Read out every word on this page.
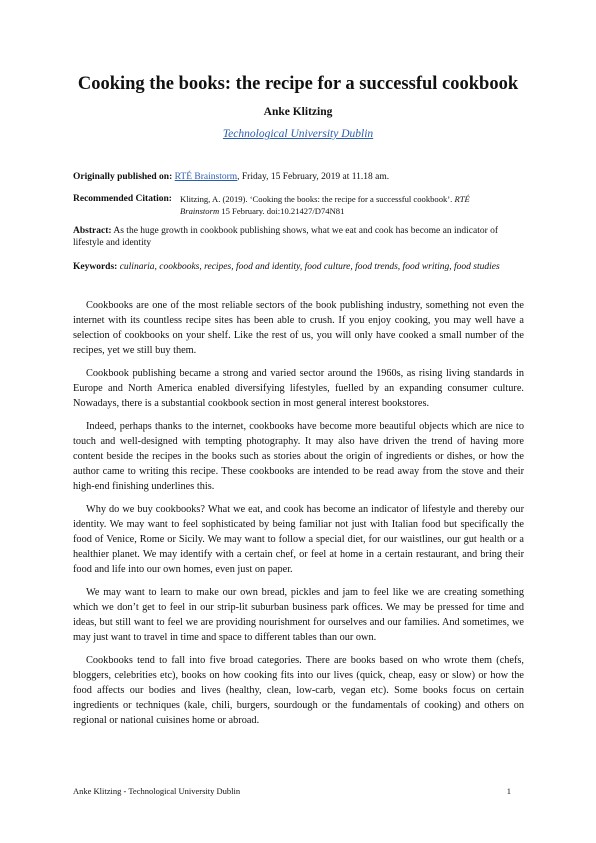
Cooking the books: the recipe for a successful cookbook
Anke Klitzing
Technological University Dublin
Originally published on: RTÉ Brainstorm, Friday, 15 February, 2019 at 11.18 am.
Recommended Citation: Klitzing, A. (2019). ‘Cooking the books: the recipe for a successful cookbook’. RTÉ Brainstorm 15 February. doi:10.21427/D74N81
Abstract: As the huge growth in cookbook publishing shows, what we eat and cook has become an indicator of lifestyle and identity
Keywords: culinaria, cookbooks, recipes, food and identity, food culture, food trends, food writing, food studies

Cookbooks are one of the most reliable sectors of the book publishing industry, something not even the internet with its countless recipe sites has been able to crush. If you enjoy cooking, you may well have a selection of cookbooks on your shelf. Like the rest of us, you will only have cooked a small number of the recipes, yet we still buy them.

Cookbook publishing became a strong and varied sector around the 1960s, as rising living standards in Europe and North America enabled diversifying lifestyles, fuelled by an expanding consumer culture. Nowadays, there is a substantial cookbook section in most general interest bookstores.

Indeed, perhaps thanks to the internet, cookbooks have become more beautiful objects which are nice to touch and well-designed with tempting photography. It may also have driven the trend of having more content beside the recipes in the books such as stories about the origin of ingredients or dishes, or how the author came to writing this recipe. These cookbooks are intended to be read away from the stove and their high-end finishing underlines this.

Why do we buy cookbooks? What we eat, and cook has become an indicator of lifestyle and thereby our identity. We may want to feel sophisticated by being familiar not just with Italian food but specifically the food of Venice, Rome or Sicily. We may want to follow a special diet, for our waistlines, our gut health or a healthier planet. We may identify with a certain chef, or feel at home in a certain restaurant, and bring their food and life into our own homes, even just on paper.

We may want to learn to make our own bread, pickles and jam to feel like we are creating something which we don’t get to feel in our strip-lit suburban business park offices. We may be pressed for time and ideas, but still want to feel we are providing nourishment for ourselves and our families. And sometimes, we may just want to travel in time and space to different tables than our own.

Cookbooks tend to fall into five broad categories. There are books based on who wrote them (chefs, bloggers, celebrities etc), books on how cooking fits into our lives (quick, cheap, easy or slow) or how the food affects our bodies and lives (healthy, clean, low-carb, vegan etc). Some books focus on certain ingredients or techniques (kale, chili, burgers, sourdough or the fundamentals of cooking) and others on regional or national cuisines home or abroad.

Anke Klitzing - Technological University Dublin	1
